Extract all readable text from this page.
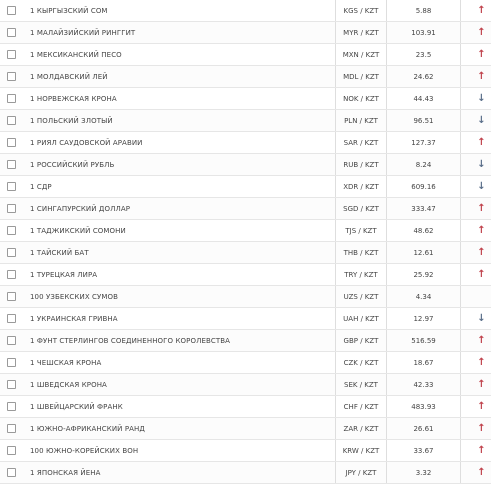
	1 КЫРГЫЗСКИЙ СОМ	KGS / KZT	5.88	↑
	1 МАЛАЙЗИЙСКИЙ РИНГГИТ	MYR / KZT	103.91	↑
	1 МЕКСИКАНСКИЙ ПЕСО	MXN / KZT	23.5	↑
	1 МОЛДАВСКИЙ ЛЕЙ	MDL / KZT	24.62	↑
	1 НОРВЕЖСКАЯ КРОНА	NOK / KZT	44.43	↓
	1 ПОЛЬСКИЙ ЗЛОТЫЙ	PLN / KZT	96.51	↓
	1 РИЯЛ САУДОВСКОЙ АРАВИИ	SAR / KZT	127.37	↑
	1 РОССИЙСКИЙ РУБЛЬ	RUB / KZT	8.24	↓
	1 СДР	XDR / KZT	609.16	↓
	1 СИНГАПУРСКИЙ ДОЛЛАР	SGD / KZT	333.47	↑
	1 ТАДЖИКСКИЙ СОМОНИ	TJS / KZT	48.62	↑
	1 ТАЙСКИЙ БАТ	THB / KZT	12.61	↑
	1 ТУРЕЦКАЯ ЛИРА	TRY / KZT	25.92	↑
	100 УЗБЕКСКИХ СУМОВ	UZS / KZT	4.34	
	1 УКРАИНСКАЯ ГРИВНА	UAH / KZT	12.97	↓
	1 ФУНТ СТЕРЛИНГОВ СОЕДИНЕННОГО КОРОЛЕВСТВА	GBP / KZT	516.59	↑
	1 ЧЕШСКАЯ КРОНА	CZK / KZT	18.67	↑
	1 ШВЕДСКАЯ КРОНА	SEK / KZT	42.33	↑
	1 ШВЕЙЦАРСКИЙ ФРАНК	CHF / KZT	483.93	↑
	1 ЮЖНО-АФРИКАНСКИЙ РАНД	ZAR / KZT	26.61	↑
	100 ЮЖНО-КОРЕЙСКИХ ВОН	KRW / KZT	33.67	↑
	1 ЯПОНСКАЯ ЙЕНА	JPY / KZT	3.32	↑
